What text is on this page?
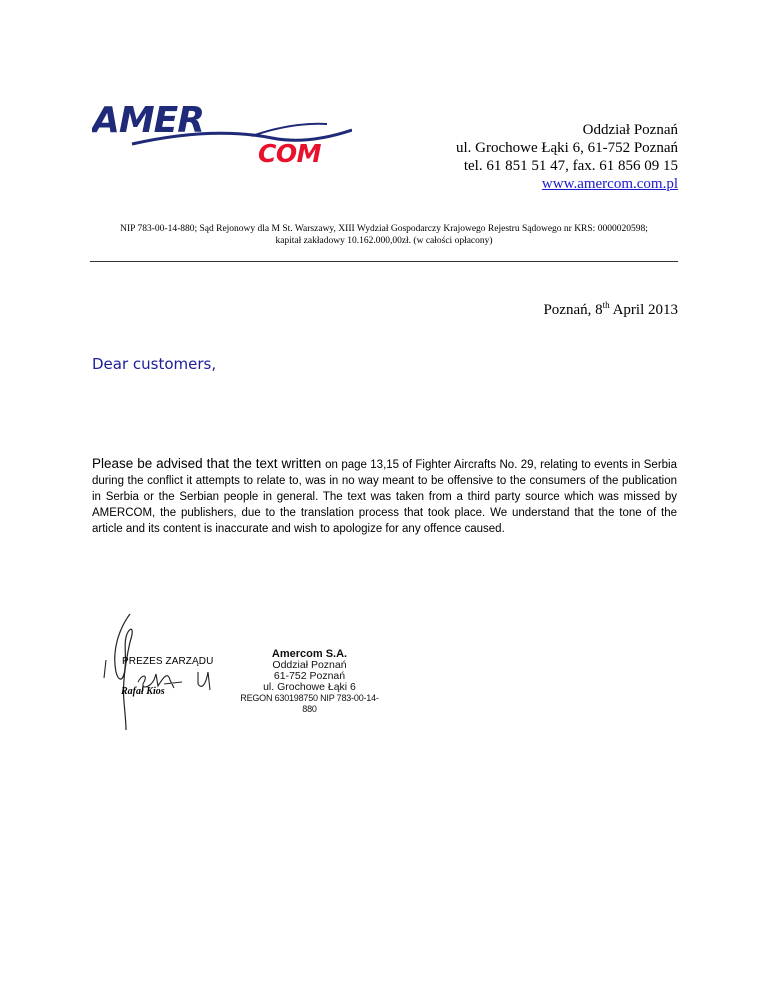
AMER
COM
Oddział Poznań
ul. Grochowe Łąki 6, 61-752 Poznań
tel. 61 851 51 47, fax. 61 856 09 15
www.amercom.com.pl
NIP 783-00-14-880; Sąd Rejonowy dla M St. Warszawy, XIII Wydział Gospodarczy Krajowego Rejestru Sądowego nr KRS: 0000020598;
kapitał zakładowy 10.162.000,00zł. (w całości opłacony)
Poznań, 8th April 2013
Dear customers,
Please be advised that the text written on page 13,15 of Fighter Aircrafts No. 29, relating to events in Serbia during the conflict it attempts to relate to, was in no way meant to be offensive to the consumers of the publication in Serbia or the Serbian people in general. The text was taken from a third party source which was missed by AMERCOM, the publishers, due to the translation process that took place. We understand that the tone of the article and its content is inaccurate and wish to apologize for any offence caused.
PREZES ZARZĄDU
Rafał Kios
Amercom S.A.
Oddział Poznań
61-752 Poznań
ul. Grochowe Łąki 6
REGON 630198750 NIP 783-00-14-880
